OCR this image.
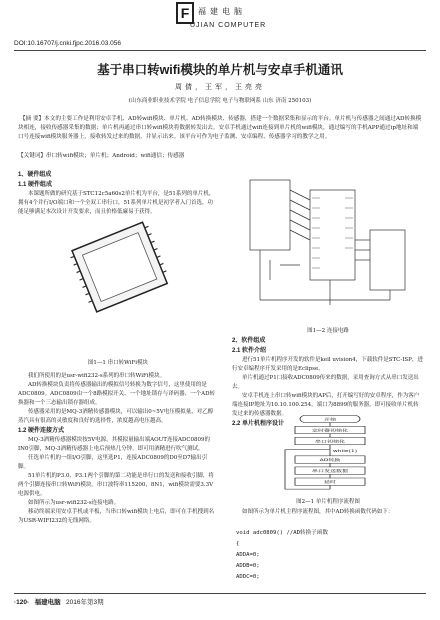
F	福建电脑
UJIAN COMPUTER
DOI:10.16707/j.cnki.fjpc.2016.03.056
基于串口转wifi模块的单片机与安卓手机通讯
周倩，王军，王亮亮
(山东商业职业技术学院 电子信息学院 电子与物联网系 山东 济南 250103)
【摘 要】本文的主要工作是利用安卓手机、AD转wifi模块、单片机、AD转换模块、传感器，搭建一个数据采集和显示的平台。单片机与传感器之间通过AD转换模块相连，接收传感器采集的数据；单片机再通过串口转wifi模块将数据转发出去。安卓手机通过wifi连接到单片机的wifi模块，通过编写的手机APP通过ip地址和端口号连接wifi模块服务器上，接收转发过来的数据，并显示出来。该平台可作为电子监测、安卓编程、传感器学习的教学之用。
【关键词】串口转wifi模块；单片机；Android；wifi通信；传感器

1、硬件组成

1.1 硬件组成

本课题所做的研究基于STC12c5a60s2单片机为平台，是51系列的单片机，拥有4个并行I/O端口和一个全双工串行口，51系列单片机是初学者入门首选，功能足够满足本次设计开发要求，而且价格低廉易于获得。

图1—1 串口转WiFi模块

我们所使用的是usr-wifi232-s系列的串口转WiFi模块。

AD转换模块负责将传感器输出的模拟信号转换为数字信号，这里使用的是ADC0809。ADC0809由一个8路模拟开关、一个地址锁存与译码器、一个AD转换器和一个三态输出锁存器组成。

传感器采用的是MQ-3酒精传感器模块，可以输出0~5V电压模拟量，对乙醇蒸汽具有很高的灵敏度和良好的选择性，浓度越高电压越高。

1.2 硬件连接方式

MQ-3酒精传感器模块按5V电源，其模拟量输出端AOUT连接ADC0809的IN0引脚，MQ-3酒精传感器上电后预热几分钟，即可用酒精进行吹气测试。

任选单片机的一组I/O引脚，这里选P1，连接ADC0809的D0至D7输出引脚。

51单片机的P3.0、P3.1两个引脚的第二功能是串行口的发送和接收引脚，将两个引脚连接串口转WiFi模块。串口波特率115200，8N1，wifi模块需要3.3V电源供电。

如图所示为usr-wifi232-s连接电路。

移动终端采用安卓手机或平板，当串口转wifi模块上电后，即可在手机搜到名为USR-WIFI232的无线网络。

图1—2 连接电路

2、软件组成

2.1 软件介绍

进行51单片机程序开发的软件是keil uvision4，下载软件是STC-ISP，进行安卓编程序开发采用的是Eclipse。

单片机通过P1口接收ADC0809传来的数据，采用查询方式从串口发送出去。

安卓手机连上串口转wifi模块的AP后，打开编写好的安卓程序，作为客户端连接IP地址为10.10.100.254，端口为8899的服务器，即可接收单片机转发过来的传感器数据。

2.2 单片机程序设计

开始
定时器初始化
串口初始化
while(1)
AD转换
串口发送数据
延时
图2—1 单片机程序流程图
如图所示为单片机主程序流程图，其中AD转换函数代码如下：
void adc0809() //AD转换子函数
{
ADDA=0;
ADDB=0;
ADDC=0;
·120· 福建电脑 2016年第3期
